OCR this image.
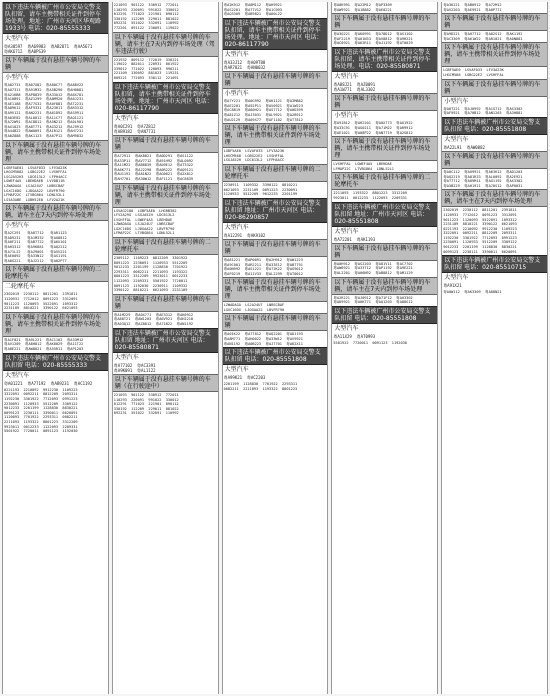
以下违法车辆被广州市公安局交警支队扣留，请车主携带相关证件到停车场处理。地址：广州市天河区华观路1933号 电话：020-85555333
大型汽车
粤A38597  粤A69983  粤AB2871  粤AA5671
粤AK6712  粤A0PS39
以下车辆属于没有悬挂车辆号牌的车辆
小型汽车
粤A82731  粤A07X82  粤A80C77  粤A88V22
粤AU7311  粤A91M32  粤A5B290  粤AH0081
粤A21KB8  粤AP8839  粤A33Q12  粤A6X781
粤A10B91  粤AZ1299  粤A8M920  粤A6J231
粤AE1188  粤A77G32  粤A0Y881  粤AT2231
粤A89K12  粤AF9331  粤A23H11  粤AR3312
粤A9V121  粤AN2231  粤A61D92  粤AS9911
粤A03E82  粤AL0012  粤A11C77  粤AQ1121
粤A72W91  粤AC8812  粤A5N212  粤A0L901
粤AX1823  粤A8T771  粤AG3212  粤AJ9912
粤A44B22  粤AW0091  粤A1R121  粤AH7231
粤A0Z888  粤AK1123  粤A67P12  粤AM9832
以下车辆属于没有悬挂车辆号牌的车辆，请车主携带相关证件到停车场处理
LGBF5AE01  LSVAF033  LFV3A23K
LHGCM5682  LGBG22E2  LVSHFFAL
LSGJA52H3  LDC613L2  LFPH4ACC
LGWEF4A5  LBEHDAEB  LVVDB11B
LZWADAGA  LSJA24U7  LNBSCBAF
LGXC16DG  LJDGAA22  LBVFR790
LFMAP22C  LTVBG864  LDNL52L1
LS5A3ABE  LGBH52E0  LFV2A21K
以下车辆属于没有悬挂车辆号牌的车辆，请车主在7天内到停车场处理
小型汽车
粤A2C291   粤A8T712   粤AR1123
粤AD9231   粤A1M332   粤AU8812
粤A0F211   粤AB7722   粤A6X101
粤AH3312   粤A9K881   粤AQ2212
粤A71L22   粤AZ9001   粤A5V221
粤AE0092   粤A33N12   粤AS1191
粤A8G221   粤AJ2212   粤A02P77
以下车辆属于没有悬挂车辆号牌的二轮摩托车
二轮摩托车
2302019  2230112  8811201  2391811
1120931  7712012  0091223  3312091
9011223  1120093  5522091  1093312
2231109  8810221  3390122  6621093
以下车辆属于没有悬挂车辆号牌的车辆，请车主携带相关证件到停车场处理
粤A1F021  粤A9L221  粤AC1102  粤A33M12
粤AV1209  粤A8H812  粤AK0029  粤A11T22
粤A0E221  粤AW8821  粤A55R11  粤AP1203
以下违法车辆被广州市公安局交警支队扣留 电话：020-85555333
大型汽车
粤A01221  粤A77192  粤AB9231  粤AC1192
0221193  2210092  9912230  1109223
3322091  0092211  8812209  2093311
1192230  3301922  7712093  0991223
2230091  1120933  5512209  3309122
9012233  2201199  1128830  8830221
0099123  2230111  3390011  6620091
1120093  7701922  2293311  0082211
2211093  1193322  8801223  3312209
9923011  0012233  1122093  2209331
5501922  7720011  0091123  1192030
221093  901122  330912  772011
110293  220091  991022  330012
012291  771023  221901  090112
330192  112209  229011  881022
092231  551022  332091  110992
772201  091122  230091  119022
以下车辆属于没有悬挂车辆号牌的车辆，请车主在7天内到停车场处理（驾车违法行驶）
221932  009112  772019  330221
119022  882011  220931  001922
339012  771022  120093  990211
221109  330092  881023  119231
009221  772093  330112  221091
以下违法车辆被广州市公安局交警支队扣留，请车主携带相关证件到停车场处理。地址：广州市天河区 电话：020-86117790
大型汽车
粤A0C291  粤A7Z812
粤AB9182  粤AN7731
以下车辆属于没有悬挂车辆号牌的车辆
粤A72911  粤AK8821  粤A0D291  粤AS1122
粤A33P11  粤AV7712  粤A91H92  粤AL0092
粤A11M22  粤AB8839  粤A09E12  粤AT3322
粤A6K771  粤AJ2298  粤A0R222  粤AQ9121
粤AU1192  粤A81N22  粤AG0021  粤A2X812
粤AH7701  粤A30W12  粤AF1121  粤AC8839
以下车辆属于没有悬挂车辆号牌的车辆，请车主携带相关证件到停车场处理
LSVAG2180  LGBF5AE0  LHGRB382
LFV2A29G  LSGJA52H  LDC613L2
LVSHFFAL  LGWEF4A5  LBEHDAE
LZWADAGA  LSJA24U7  LNBSCBAF
LGXC16DG  LJDGAA22  LBVFR790
LFMAP22C  LTVBG864  LDNL52L1
以下车辆属于没有悬挂车辆号牌的二轮摩托车
2309112  1109223  8812209  3301922
0091223  2230091  1120933  5512209
9012233  2201199  1128830  7701922
2293311  0082211  2211093  1193322
8801223  3312209  9923011  0012233
1122093  2209331  5501922  7720011
0091123  1192030  2230911  1109332
3390122  8810221  6621093  2231109
以下车辆属于没有悬挂车辆号牌的车辆
粤A1M229  粤A0X771  粤AE3312  粤AK0912
粤A88T21  粤AW1203  粤A6V921  粤AH2218
粤A03Q12  粤AZ8812  粤A71B22  粤AN1192
以下违法车辆被广州市公安局交警支队扣留 地址：广州市天河区 电话：020-85580871
大型汽车
粤A77102  粤AC3391
粤A9K091  粤AL1122
以下车辆属于没有悬挂车辆号牌的车辆（在行驶途中）
221093  901122  330912  772011
110293  220091  991022  330012
012291  771023  221901  090112
330192  112209  229011  881022
092231  551022  332091  110992
粤A2K912  粤A0M112  粤AH9921
粤AS2201  粤A77V12  粤A1C093
粤AQ3309  粤AB9821  粤A60L22
以下违法车辆被广州市公安局交警支队扣留，请车主携带相关证件到停车场处理。地址：广州市天河区 电话：020-86117790
大型汽车
粤A33J12  粤A09T88
粤AR7821  粤AN0032
以下车辆属于没有悬挂车辆号牌的车辆
小型汽车
粤A7Y221  粤A0G992  粤AK1121  粤A3M882
粤AE2201  粤A92P11  粤AV0921  粤A1W223
粤AC8819  粤A60H21  粤AS7712  粤A0D399
粤A81Z12  粤AJ3031  粤AL9921  粤A2B912
粤AU2129  粤A09X77  粤AF1102  粤AT7812
以下车辆属于没有悬挂车辆号牌的车辆，请车主携带相关证件到停车场处理
LGBF5AE0  LSVAF033  LFV3A23K
LHGCM568  LGBG22E2  LVSHFFAL
LSGJA52H  LDC613L2  LFPH4ACC
以下车辆属于没有悬挂车辆号牌的二轮摩托车
2230911  1109332  3390122  8810221
6621093  2231109  0091223  2230091
1120933  5512209  9012233  2201199
以下违法车辆被广州市公安局交警支队扣留 地址：广州市天河区 电话：020-86290857
大型汽车
粤A12291  粤AK9102
以下车辆属于没有悬挂车辆号牌的车辆
粤A81221  粤AP0091  粤A2H912  粤AW1223
粤A9C001  粤AR2211  粤A33E12  粤AB7791
粤A0N992  粤AS1221  粤A72K22  粤AG9012
粤AF0219  粤A11V33  粤AL2299  粤AT0012
以下车辆属于没有悬挂车辆号牌的车辆，请车主携带相关证件到停车场处理
LZWADAGA  LSJA24U7  LNBSCBAF
LGXC16DG  LJDGAA22  LBVFR790
以下车辆属于没有悬挂车辆号牌的车辆
粤A01K22  粤A7T812  粤AQ2201  粤AD1193
粤A8M771  粤AH0022  粤A33W12  粤AV9921
粤AN1192  粤A0B223  粤AJ7701  粤A62X11
以下违法车辆被广州市公安局交警支队扣留 电话：020-85551808
大型汽车
粤A99K21  粤AC2203
2201199  1128830  7701922  2293311
0082211  2211093  1193322  8801223
粤A0K991  粤A22M12  粤AP3309
粤AW9921  粤A1B882  粤AE0221
以下车辆属于没有悬挂车辆号牌的车辆
粤A3Q221  粤AK0991  粤A78D12  粤AS1102
粤AF2219  粤A01N33  粤AV8812  粤A9H221
粤AC0921  粤A62R11  粤AJ1192  粤AT0029
以下违法车辆被广州市公安局交警支队扣留，请车主携带相关证件到停车场处理。电话：020-85580871
大型汽车
粤A88J21  粤AZ0091
粤A1W771  粤AL3302
以下车辆属于没有悬挂车辆号牌的车辆
小型汽车
粤A91B12  粤AH2201  粤A0X773  粤AU1922
粤A33C91  粤AG0211  粤A71M22  粤AR9912
粤AE1021  粤A08P22  粤AN7719  粤A2S812
以下车辆属于没有悬挂车辆号牌的车辆，请车主携带相关证件到停车场处理
LVSHFFAL  LGWEF4A5  LBEHDAE
LFMAP22C  LTVBG864  LDNL52L1
以下车辆属于没有悬挂车辆号牌的二轮摩托车
2211093  1193322  8801223  3312209
9923011  0012233  1122093  2209331
以下违法车辆被广州市公安局交警支队扣留 地址：广州市天河区 电话：020-85551808
大型汽车
粤A72201  粤AK1193
以下车辆属于没有悬挂车辆号牌的车辆
粤A0H912  粤AS2203  粤A81V11  粤AC7702
粤AW0921  粤A33T12  粤AP1192  粤A9E221
粤AL2201  粤A06N92  粤AB8812  粤AM1129
以下车辆属于没有悬挂车辆号牌的车辆，请车主在7天内到停车场处理
粤A2R221  粤AJ0912  粤A71F12  粤AU3302
粤AD9921  粤A0K771  粤AQ1203  粤A88G12
以下违法车辆被广州市公安局交警支队扣留 电话：020-85551808
大型汽车
粤A11X29  粤AT0993
5501922  7720011  0091123  1192030
粤A3K221  粤AB0912  粤A72M12
粤AV2203  粤AE9921  粤A0P771
以下车辆属于没有悬挂车辆号牌的车辆
粤A9D221  粤AH7712  粤A02S12  粤AK1192
粤AC3309  粤A61W22  粤AR1021  粤A0N881
以下车辆属于没有悬挂车辆号牌的车辆，请车主携带相关证件到停车场处理
LGBF5AE0  LSVAF033  LFV3A23K
LHGCM568  LGBG22E2  LVSHFFAL
以下车辆属于没有悬挂车辆号牌的车辆
小型汽车
粤A8T221  粤AJ0992  粤A1G712  粤AS3302
粤AF9921  粤A70B12  粤AN1203  粤A3H881
以下违法车辆被广州市公安局交警支队扣留 电话：020-85551808
大型汽车
粤A22L91  粤AW0882
以下车辆属于没有悬挂车辆号牌的车辆
粤A0C112  粤AU9921  粤A63K12  粤AD1203
粤AQ2219  粤A81R33  粤AL0092  粤A2E921
粤AT7712  粤A09M11  粤AG1192  粤AX3302
粤A5B229  粤AH1921  粤A70S12  粤AP0031
以下车辆属于没有悬挂车辆号牌的车辆，请车主在7天内到停车场处理
2302019  2230112  8811201  2391811
1120931  7712012  0091223  3312091
9011223  1120093  5522091  1093312
2231109  8810221  3390122  6621093
0221193  2210092  9912230  1109223
3322091  0092211  8812209  2093311
1192230  3301922  7712093  0991223
2230091  1120933  5512209  3309122
9012233  2201199  1128830  8830221
0099123  2230111  3390011  6620091
以下违法车辆被广州市公安局交警支队扣留 电话：020-85510715
大型汽车
粤A91X21
粤A0W112  粤AK3309  粤A88N21
